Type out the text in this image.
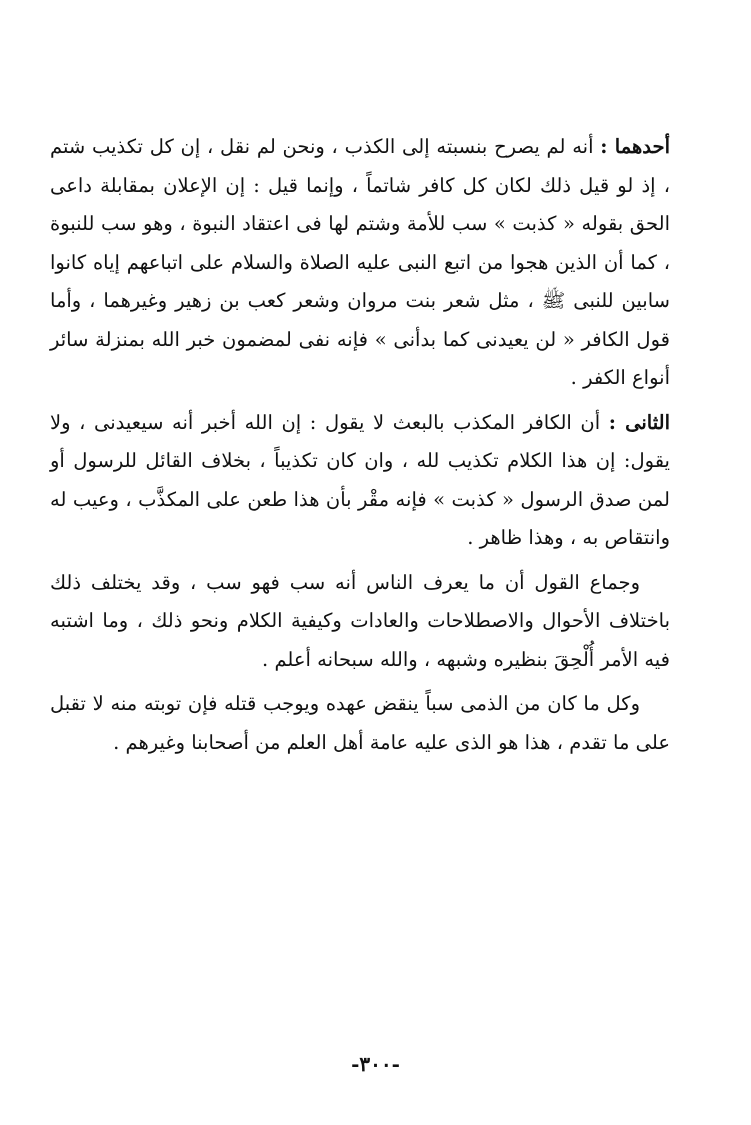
أحدهما : أنه لم يصرح بنسبته إلى الكذب ، ونحن لم نقل ، إن كل تكذيب شتم ، إذ لو قيل ذلك لكان كل كافر شاتماً ، وإنما قيل : إن الإعلان بمقابلة داعى الحق بقوله « كذبت » سب للأمة وشتم لها فى اعتقاد النبوة ، وهو سب للنبوة ، كما أن الذين هجوا من اتبع النبى عليه الصلاة والسلام على اتباعهم إياه كانوا سابين للنبى ﷺ ، مثل شعر بنت مروان وشعر كعب بن زهير وغيرهما ، وأما قول الكافر « لن يعيدنى كما بدأنى » فإنه نفى لمضمون خبر الله بمنزلة سائر أنواع الكفر .

الثانى : أن الكافر المكذب بالبعث لا يقول : إن الله أخبر أنه سيعيدنى ، ولا يقول: إن هذا الكلام تكذيب لله ، وان كان تكذيباً ، بخلاف القائل للرسول أو لمن صدق الرسول « كذبت » فإنه مقْر بأن هذا طعن على المكذَّب ، وعيب له وانتقاص به ، وهذا ظاهر .

وجماع القول أن ما يعرف الناس أنه سب فهو سب ، وقد يختلف ذلك باختلاف الأحوال والاصطلاحات والعادات وكيفية الكلام ونحو ذلك ، وما اشتبه فيه الأمر أُلْحِقَ بنظيره وشبهه ، والله سبحانه أعلم .

وكل ما كان من الذمى سباً ينقض عهده ويوجب قتله فإن توبته منه لا تقبل على ما تقدم ، هذا هو الذى عليه عامة أهل العلم من أصحابنا وغيرهم .

-٣٠٠-
